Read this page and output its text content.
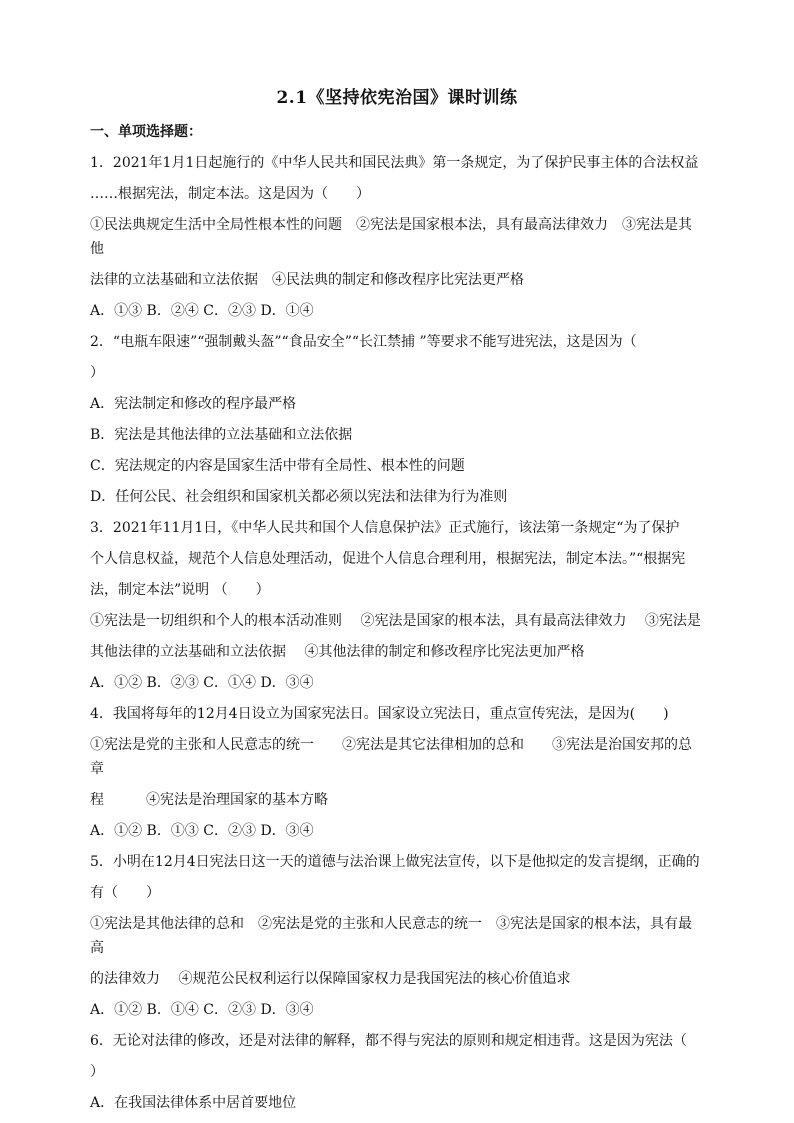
2.1《坚持依宪治国》课时训练
一、单项选择题：
1．2021年1月1日起施行的《中华人民共和国民法典》第一条规定，为了保护民事主体的合法权益
……根据宪法，制定本法。这是因为（　　）
①民法典规定生活中全局性根本性的问题　②宪法是国家根本法，具有最高法律效力　③宪法是其他
法律的立法基础和立法依据　④民法典的制定和修改程序比宪法更严格
A．①③ B．②④ C．②③ D．①④
2．“电瓶车限速”“强制戴头盔”“食品安全”“长江禁捕 ”等要求不能写进宪法，这是因为（
）
A．宪法制定和修改的程序最严格
B．宪法是其他法律的立法基础和立法依据
C．宪法规定的内容是国家生活中带有全局性、根本性的问题
D．任何公民、社会组织和国家机关都必须以宪法和法律为行为准则
3．2021年11月1日，《中华人民共和国个人信息保护法》正式施行，该法第一条规定“为了保护
个人信息权益，规范个人信息处理活动，促进个人信息合理利用，根据宪法，制定本法。”“根据宪
法，制定本法”说明 （　　）
①宪法是一切组织和个人的根本活动准则　 ②宪法是国家的根本法，具有最高法律效力　 ③宪法是
其他法律的立法基础和立法依据　 ④其他法律的制定和修改程序比宪法更加严格
A．①② B．②③ C．①④ D．③④
4．我国将每年的12月4日设立为国家宪法日。国家设立宪法日，重点宣传宪法，是因为(　　)
①宪法是党的主张和人民意志的统一　　②宪法是其它法律相加的总和　　③宪法是治国安邦的总章
程　　　④宪法是治理国家的基本方略
A．①② B．①③ C．②③ D．③④
5．小明在12月4日宪法日这一天的道德与法治课上做宪法宣传，以下是他拟定的发言提纲，正确的
有（　　）
①宪法是其他法律的总和　②宪法是党的主张和人民意志的统一　③宪法是国家的根本法，具有最高
的法律效力　 ④规范公民权利运行以保障国家权力是我国宪法的核心价值追求
A．①② B．①④ C．②③ D．③④
6．无论对法律的修改，还是对法律的解释，都不得与宪法的原则和规定相违背。这是因为宪法（
）
A．在我国法律体系中居首要地位
